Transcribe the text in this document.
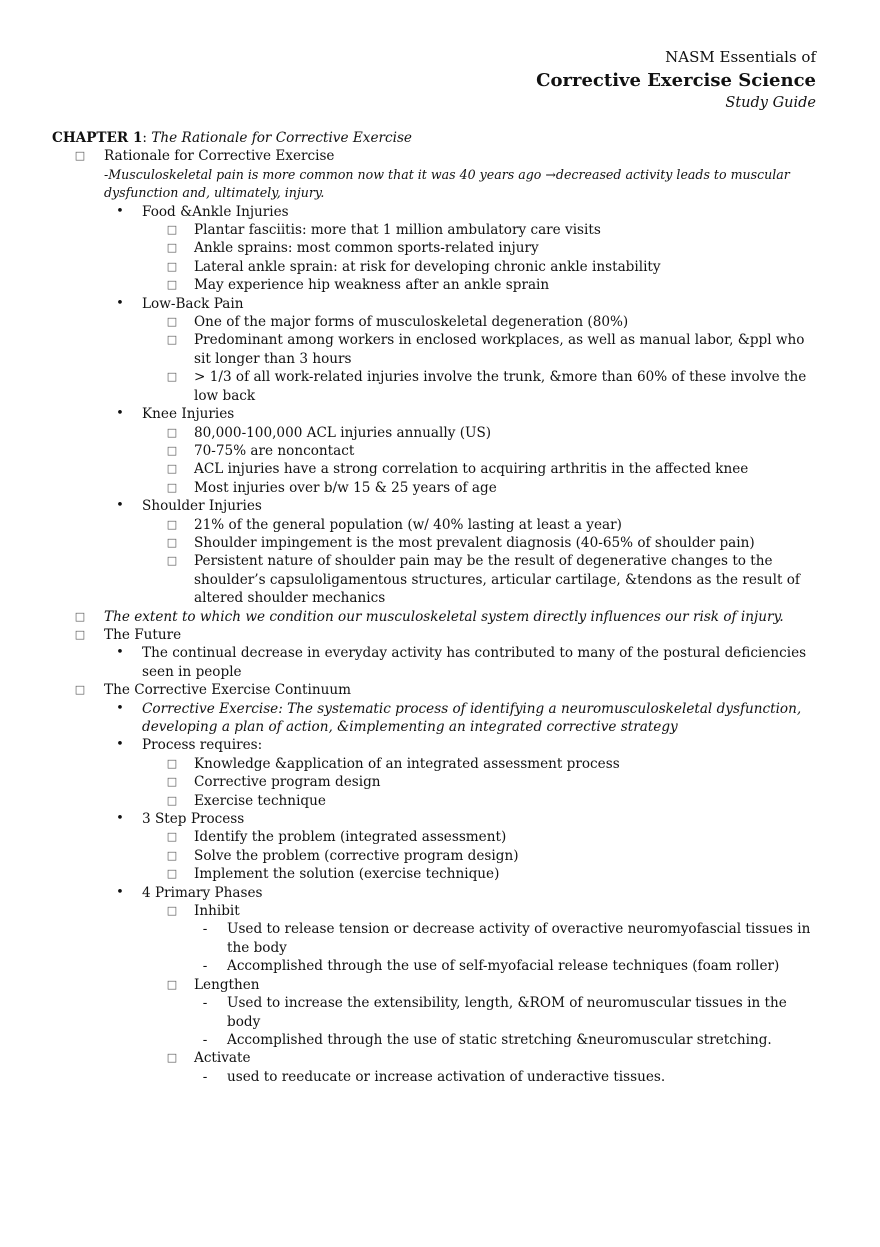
NASM Essentials of
Corrective Exercise Science
Study Guide
CHAPTER 1: The Rationale for Corrective Exercise
□ Rationale for Corrective Exercise
-Musculoskeletal pain is more common now that it was 40 years ago →decreased activity leads to muscular dysfunction and, ultimately, injury.
• Food &Ankle Injuries
□ Plantar fasciitis: more that 1 million ambulatory care visits
□ Ankle sprains: most common sports-related injury
□ Lateral ankle sprain: at risk for developing chronic ankle instability
□ May experience hip weakness after an ankle sprain
• Low-Back Pain
□ One of the major forms of musculoskeletal degeneration (80%)
□ Predominant among workers in enclosed workplaces, as well as manual labor, &ppl who sit longer than 3 hours
□ > 1/3 of all work-related injuries involve the trunk, &more than 60% of these involve the low back
• Knee Injuries
□ 80,000-100,000 ACL injuries annually (US)
□ 70-75% are noncontact
□ ACL injuries have a strong correlation to acquiring arthritis in the affected knee
□ Most injuries over b/w 15 & 25 years of age
• Shoulder Injuries
□ 21% of the general population (w/ 40% lasting at least a year)
□ Shoulder impingement is the most prevalent diagnosis (40-65% of shoulder pain)
□ Persistent nature of shoulder pain may be the result of degenerative changes to the shoulder’s capsuloligamentous structures, articular cartilage, &tendons as the result of altered shoulder mechanics
□ The extent to which we condition our musculoskeletal system directly influences our risk of injury.
□ The Future
• The continual decrease in everyday activity has contributed to many of the postural deficiencies seen in people
□ The Corrective Exercise Continuum
• Corrective Exercise: The systematic process of identifying a neuromusculoskeletal dysfunction, developing a plan of action, &implementing an integrated corrective strategy
• Process requires:
□ Knowledge &application of an integrated assessment process
□ Corrective program design
□ Exercise technique
• 3 Step Process
□ Identify the problem (integrated assessment)
□ Solve the problem (corrective program design)
□ Implement the solution (exercise technique)
• 4 Primary Phases
□ Inhibit
- Used to release tension or decrease activity of overactive neuromyofascial tissues in the body
- Accomplished through the use of self-myofacial release techniques (foam roller)
□ Lengthen
- Used to increase the extensibility, length, &ROM of neuromuscular tissues in the body
- Accomplished through the use of static stretching &neuromuscular stretching.
□ Activate
- used to reeducate or increase activation of underactive tissues.
